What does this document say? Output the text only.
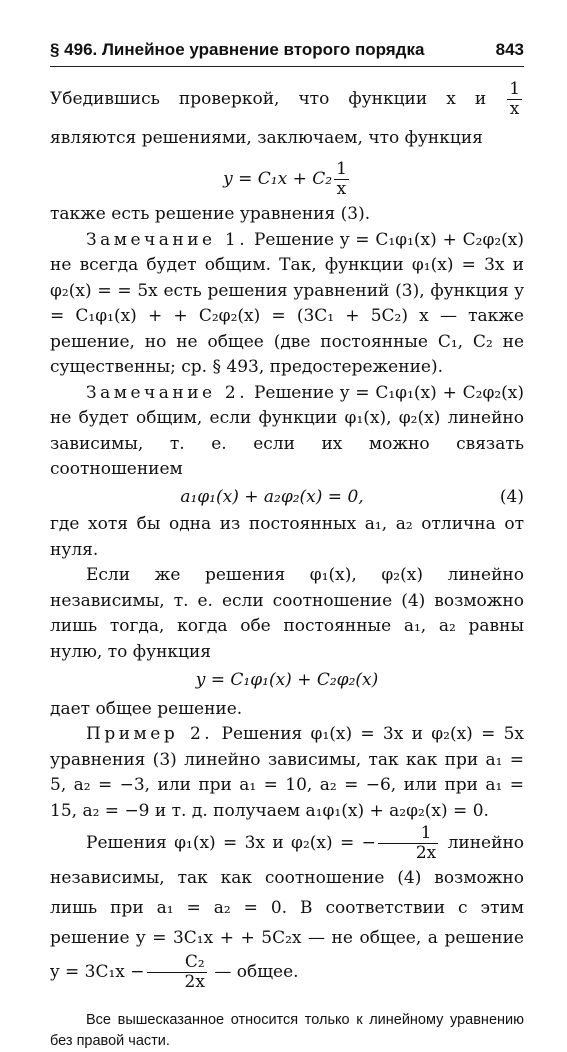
§ 496. Линейное уравнение второго порядка	843

Убедившись проверкой, что функции x и $\frac{1}{x}$
являются решениями, заключаем, что функция

$y = C_1x + C_2 \frac{1}{x}$

также есть решение уравнения (3).

Замечание 1. Решение y = C₁φ₁(x) + C₂φ₂(x) не всегда будет общим. Так, функции φ₁(x) = 3x и φ₂(x) = = 5x есть решения уравнений (3), функция y = C₁φ₁(x) + + C₂φ₂(x) = (3C₁ + 5C₂) x — также решение, но не общее (две постоянные C₁, C₂ не существенны; ср. § 493, предостережение).

Замечание 2. Решение y = C₁φ₁(x) + C₂φ₂(x) не будет общим, если функции φ₁(x), φ₂(x) линейно зависимы, т. е. если их можно связать соотношением

a₁φ₁(x) + a₂φ₂(x) = 0,	(4)

где хотя бы одна из постоянных a₁, a₂ отлична от нуля.

Если же решения φ₁(x), φ₂(x) линейно независимы, т. е. если соотношение (4) возможно лишь тогда, когда обе постоянные a₁, a₂ равны нулю, то функция

y = C₁φ₁(x) + C₂φ₂(x)

дает общее решение.

Пример 2. Решения φ₁(x) = 3x и φ₂(x) = 5x уравнения (3) линейно зависимы, так как при a₁ = 5, a₂ = −3, или при a₁ = 10, a₂ = −6, или при a₁ = 15, a₂ = −9 и т. д. получаем a₁φ₁(x) + a₂φ₂(x) = 0.

Решения φ₁(x) = 3x и φ₂(x) = − $\frac{1}{2x}$ линейно независимы, так как соотношение (4) возможно лишь при a₁ = a₂ = 0. В соответствии с этим решение y = 3C₁x + + 5C₂x — не общее, а решение $y = 3C_1x - \frac{\text{C₂}}{2x}$ — общее.

Все вышесказанное относится только к линейному уравнению без правой части.
